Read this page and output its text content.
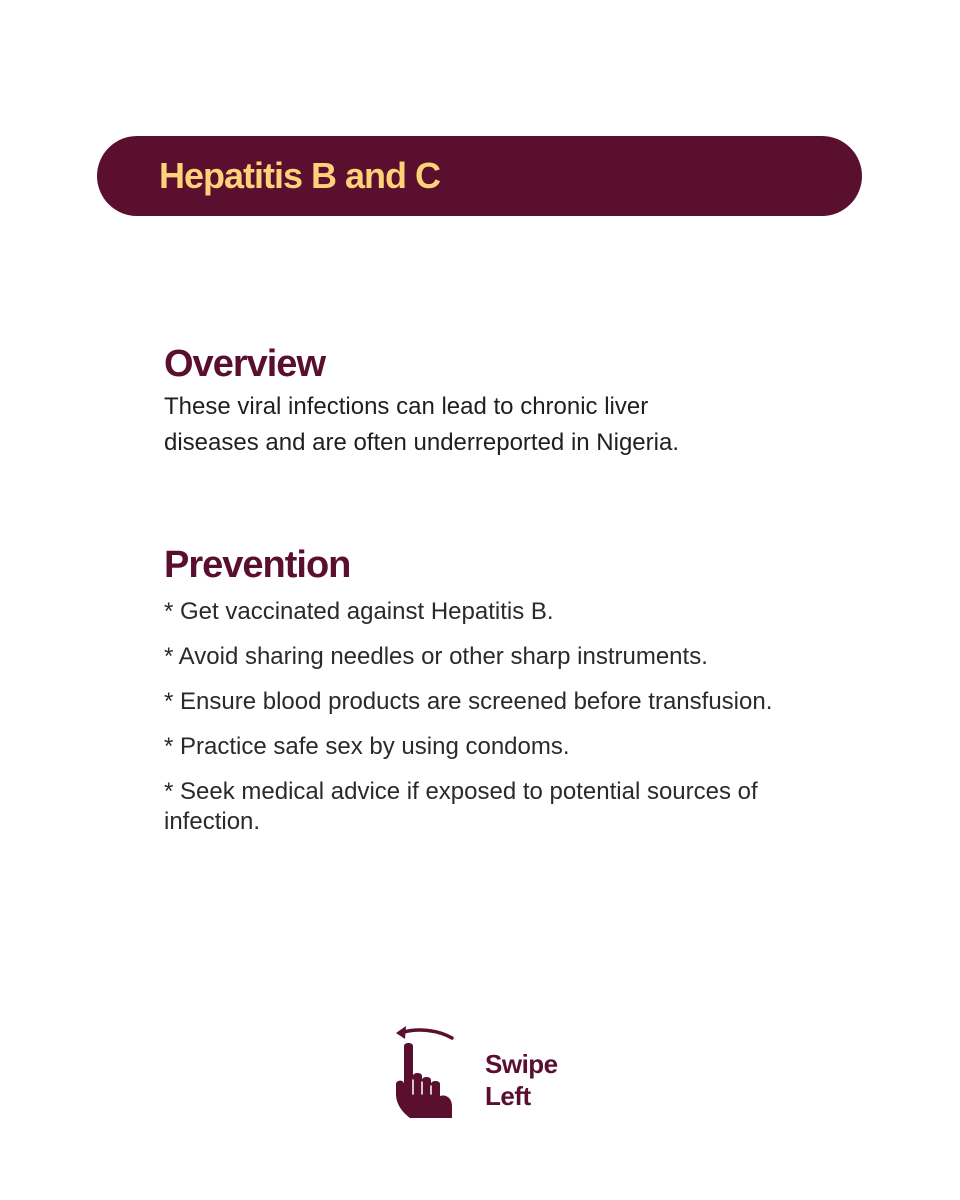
Hepatitis B and C
Overview

These viral infections can lead to chronic liver diseases and are often underreported in Nigeria.

Prevention
* Get vaccinated against Hepatitis B.
* Avoid sharing needles or other sharp instruments.
* Ensure blood products are screened before transfusion.
* Practice safe sex by using condoms.
* Seek medical advice if exposed to potential sources of infection.
Swipe
Left
